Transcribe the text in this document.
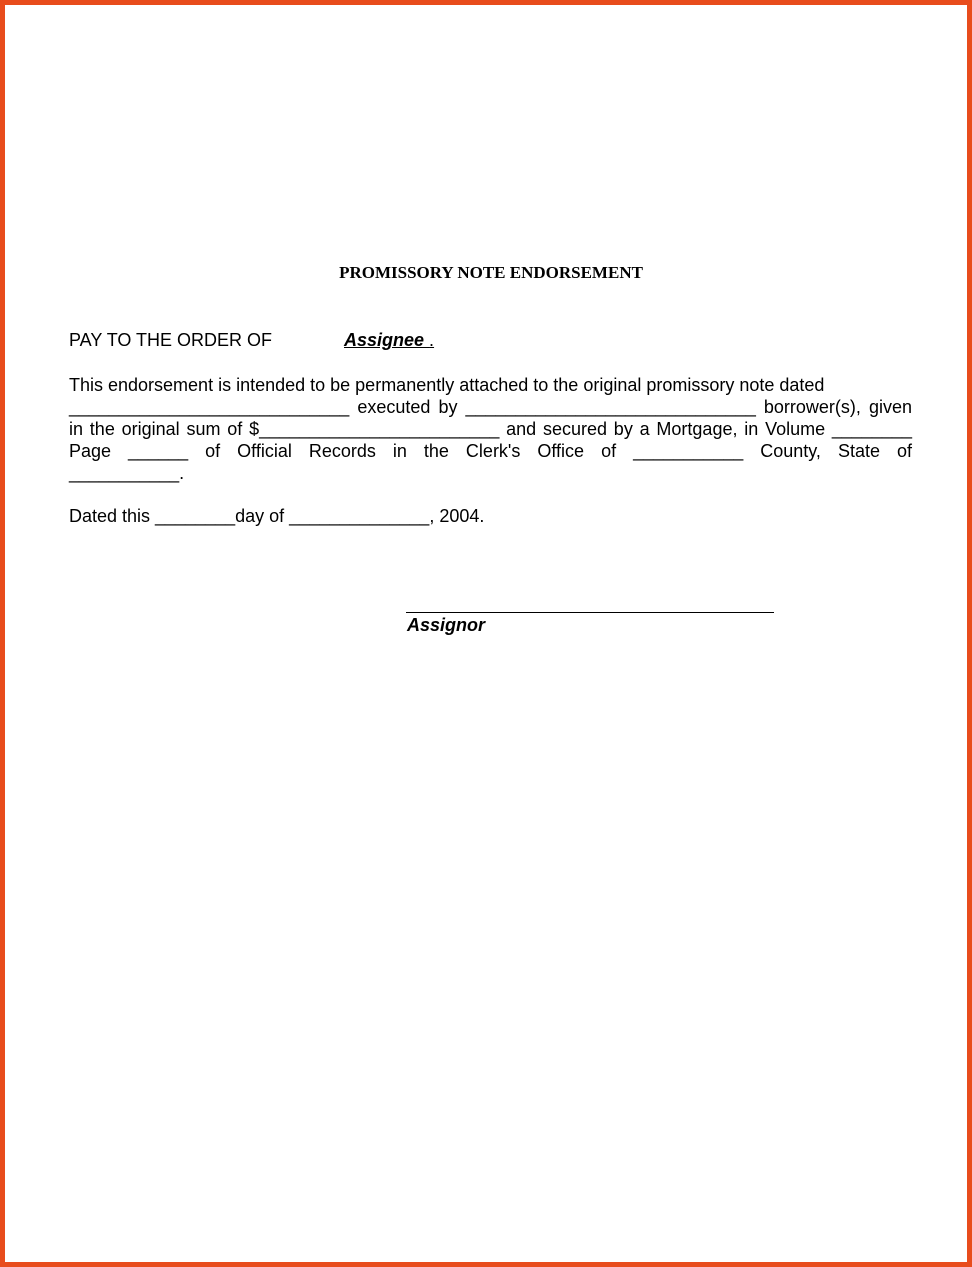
PROMISSORY NOTE ENDORSEMENT
PAY TO THE ORDER OF	Assignee .
This endorsement is intended to be permanently attached to the original promissory note dated
____________________________ executed by _____________________________ borrower(s), given
in the original sum of $________________________ and secured by a Mortgage, in Volume ________
Page ______ of Official Records in the Clerk's Office of ___________ County, State of
___________.
Dated this ________day of ______________, 2004.
Assignor
